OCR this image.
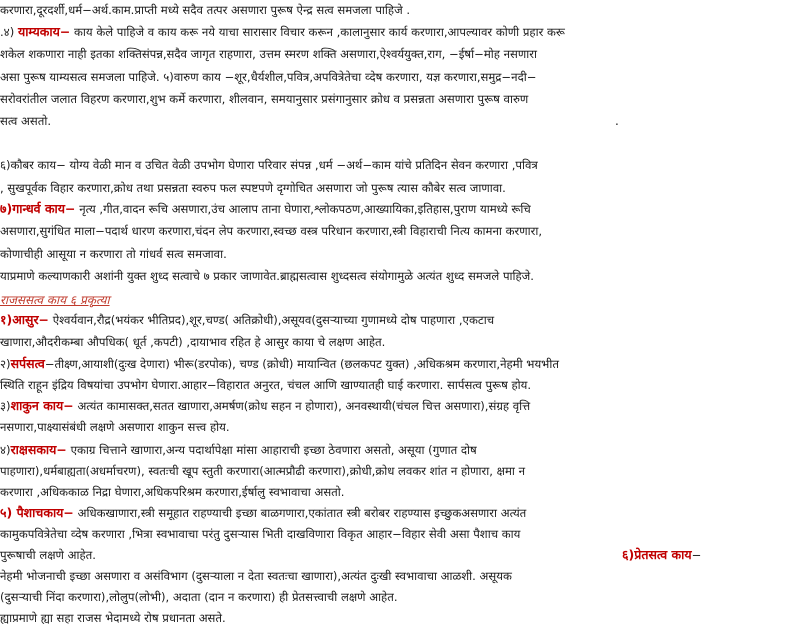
करणारा,दूरदर्शी,धर्म−अर्थ.काम.प्राप्ती मध्ये सदैव तत्पर असणारा पुरूष ऐन्द्र सत्व समजला पाहिजे .
.४) याम्यकाय− काय केले पाहिजे व काय करू नये याचा सारासार विचार करून ,कालानुसार कार्य करणारा,आपल्यावर कोणी प्रहार करू
शकेल शकणारा नाही इतका शक्तिसंपन्न,सदैव जागृत राहणारा, उत्तम स्मरण शक्ति असणारा,ऐश्वर्ययुक्त,राग, −ईर्षा−मोह नसणारा
असा पुरूष याम्यसत्व समजला पाहिजे. ५)वारुण काय −शूर,धैर्यशील,पवित्र,अपवित्रेतेचा व्देष करणारा, यज्ञ करणारा,समुद्र−नदी−
सरोवरांतील जलात विहरण करणारा,शुभ कर्मे करणारा, शीलवान, समयानुसार प्रसंगानुसार क्रोध व प्रसन्नता असणारा पुरूष वारुण
सत्व असतो.	.
६)कौबर काय− योग्य वेळी मान व उचित वेळी उपभोग घेणारा परिवार संपन्न ,धर्म −अर्थ−काम यांचे प्रतिदिन सेवन करणारा ,पवित्र
, सुखपूर्वक विहार करणारा,क्रोध तथा प्रसन्नता स्वरुप फल स्पष्टपणे दृग्गोचित असणारा जो पुरूष त्यास कौबेर सत्व जाणावा.
७)गान्धर्व काय− नृत्य ,गीत,वादन रूचि असणारा,उंच आलाप ताना घेणारा,श्लोकपठण,आख्यायिका,इतिहास,पुराण यामध्ये रूचि
असणारा,सुगंधित माला−पदार्थ धारण करणारा,चंदन लेप करणारा,स्वच्छ वस्त्र परिधान करणारा,स्त्री विहाराची नित्य कामना करणारा,
कोणाचीही आसूया न करणारा तो गांधर्व सत्व समजावा.
याप्रमाणे कल्याणकारी अशांनी युक्त शुध्द सत्वाचे ७ प्रकार जाणावेत.ब्राह्मसत्वास शुध्दसत्व संयोगामुळे अत्यंत शुध्द समजले पाहिजे.
राजससत्व काय ६ प्रकृत्या
१)आसुर− ऐश्वर्यवान,रौद्र(भयंकर भीतिप्रद),शूर,चण्ड( अतिक्रोधी),असूयव(दुसऱ्याच्या गुणामध्ये दोष पाहणारा ,एकटाच
खाणारा,औदरीकम्बा औपधिक( धूर्त ,कपटी) ,दायाभाव रहित हे आसुर काया चे लक्षण आहेत.
२)सर्पसत्व−तीक्ष्ण,आयाशी(दुःख देणारा) भीरू(डरपोक), चण्ड (क्रोधी) मायान्वित (छलकपट युक्त) ,अधिकश्रम करणारा,नेहमी भयभीत
स्थिति राहून इंद्रिय विषयांचा उपभोग घेणारा.आहार−विहारात अनुरत, चंचल आणि खाण्यातही घाई करणारा. सार्पसत्व पुरूष होय.
३)शाकुन काय− अत्यंत कामासक्त,सतत खाणारा,अमर्षण(क्रोध सहन न होणारा), अनवस्थायी(चंचल चित्त असणारा),संग्रह वृत्ति
नसणारा,पाक्ष्यासंबंधी लक्षणे असणारा शाकुन सत्त्व होय.
४)राक्षसकाय− एकाग्र चित्ताने खाणारा,अन्य पदार्थापेक्षा मांसा आहाराची इच्छा ठेवणारा असतो, असूया (गुणात दोष
पाहणारा),धर्मबाह्यता(अधर्माचरण), स्वतःची खूप स्तुती करणारा(आत्मप्रौढी करणारा),क्रोधी,क्रोध लवकर शांत न होणारा, क्षमा न
करणारा ,अधिककाळ निद्रा घेणारा,अधिकपरिश्रम करणारा,ईर्षालु स्वभावाचा असतो.
५) पैशाचकाय− अधिकखाणारा,स्त्री समूहात राहण्याची इच्छा बाळगणारा,एकांतात स्त्री बरोबर राहण्यास इच्छुकअसणारा अत्यंत
कामुकपवित्रेतेचा व्देष करणारा ,भित्रा स्वभावाचा परंतु दुसऱ्यास भिती दाखविणारा विकृत आहार−विहार सेवी असा पैशाच काय
पुरूषाची लक्षणे आहेत.	६)प्रेतसत्व काय−
नेहमी भोजनाची इच्छा असणारा व असंविभाग (दुसऱ्याला न देता स्वतःचा खाणारा),अत्यंत दुःखी स्वभावाचा आळशी. असूयक
(दुसऱ्याची निंदा करणारा),लोलुप(लोभी), अदाता (दान न करणारा) ही प्रेतसत्त्वाची लक्षणे आहेत.
ह्याप्रमाणे ह्या सहा राजस भेदामध्ये रोष प्रधानता असते.
